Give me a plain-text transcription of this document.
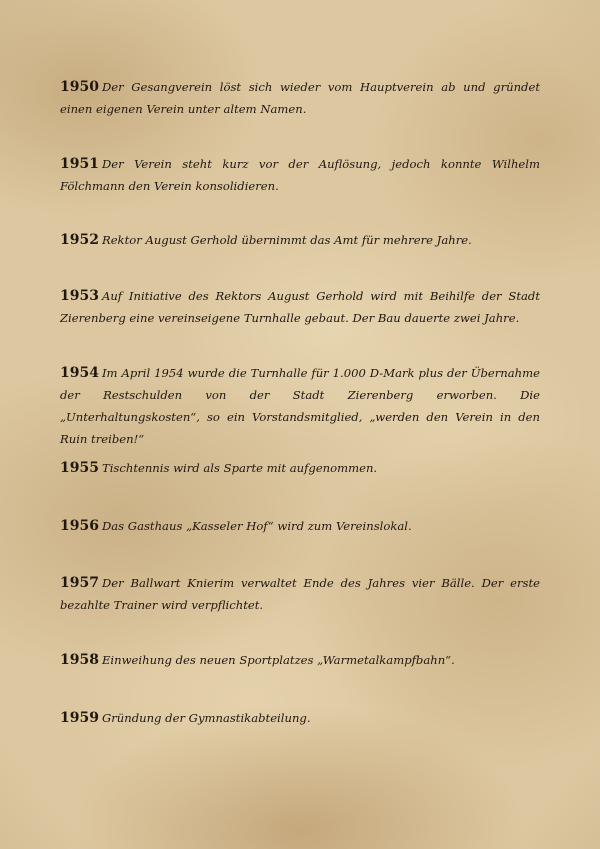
1950 Der Gesangverein löst sich wieder vom Hauptverein ab und gründet einen eigenen Verein unter altem Namen.

1951 Der Verein steht kurz vor der Auflösung, jedoch konnte Wilhelm Fölchmann den Verein konsolidieren.

1952 Rektor August Gerhold übernimmt das Amt für mehrere Jahre.

1953 Auf Initiative des Rektors August Gerhold wird mit Beihilfe der Stadt Zierenberg eine vereinseigene Turnhalle gebaut. Der Bau dauerte zwei Jahre.

1954 Im April 1954 wurde die Turnhalle für 1.000 D-Mark plus der Übernahme der Restschulden von der Stadt Zierenberg erworben. Die „Unterhaltungskosten“, so ein Vorstandsmitglied, „werden den Verein in den Ruin treiben!“

1955 Tischtennis wird als Sparte mit aufgenommen.

1956 Das Gasthaus „Kasseler Hof“ wird zum Vereinslokal.

1957 Der Ballwart Knierim verwaltet Ende des Jahres vier Bälle. Der erste bezahlte Trainer wird verpflichtet.

1958 Einweihung des neuen Sportplatzes „Warmetalkampfbahn“.

1959 Gründung der Gymnastikabteilung.
